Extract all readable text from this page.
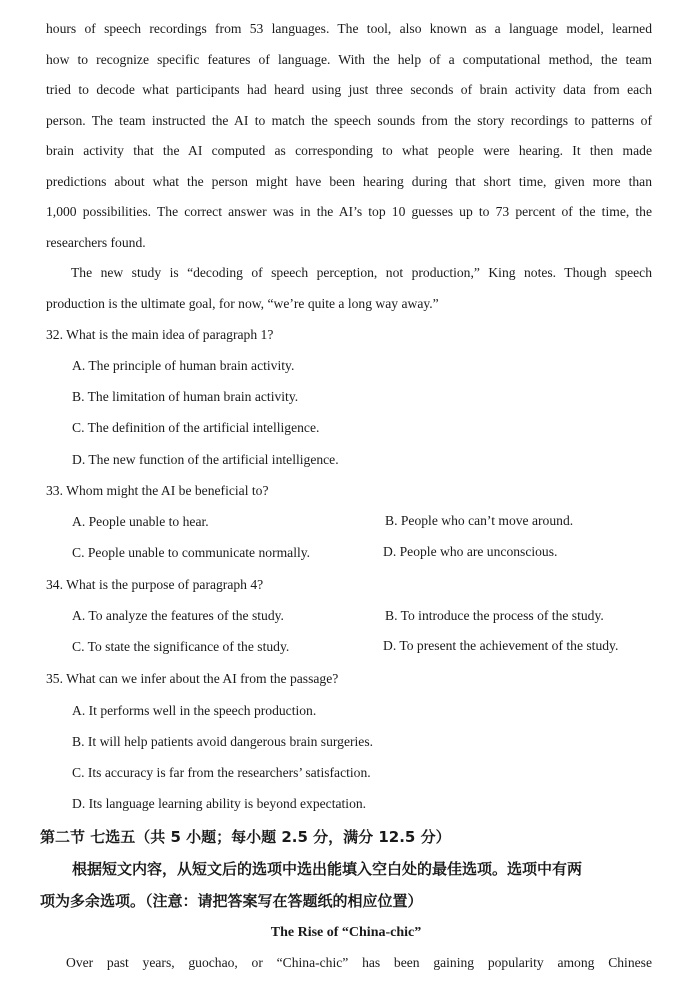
hours of speech recordings from 53 languages. The tool, also known as a language model, learned
how to recognize specific features of language. With the help of a computational method, the team
tried to decode what participants had heard using just three seconds of brain activity data from each
person. The team instructed the AI to match the speech sounds from the story recordings to patterns of
brain activity that the AI computed as corresponding to what people were hearing. It then made
predictions about what the person might have been hearing during that short time, given more than
1,000 possibilities. The correct answer was in the AI’s top 10 guesses up to 73 percent of the time, the
researchers found.
The new study is “decoding of speech perception, not production,” King notes. Though speech
production is the ultimate goal, for now, “we’re quite a long way away.”
32. What is the main idea of paragraph 1?
A. The principle of human brain activity.
B. The limitation of human brain activity.
C. The definition of the artificial intelligence.
D. The new function of the artificial intelligence.
33. Whom might the AI be beneficial to?
A. People unable to hear.	B. People who can’t move around.
C. People unable to communicate normally.	D. People who are unconscious.
34. What is the purpose of paragraph 4?
A. To analyze the features of the study.	B. To introduce the process of the study.
C. To state the significance of the study.	D. To present the achievement of the study.
35. What can we infer about the AI from the passage?
A. It performs well in the speech production.
B. It will help patients avoid dangerous brain surgeries.
C. Its accuracy is far from the researchers’ satisfaction.
D. Its language learning ability is beyond expectation.
第二节 七选五（共 5 小题；每小题 2.5 分，满分 12.5 分）
根据短文内容，从短文后的选项中选出能填入空白处的最佳选项。选项中有两
项为多余选项。（注意：请把答案写在答题纸的相应位置）
The Rise of “China-chic”
Over past years, guochao, or “China-chic” has been gaining popularity among Chinese
